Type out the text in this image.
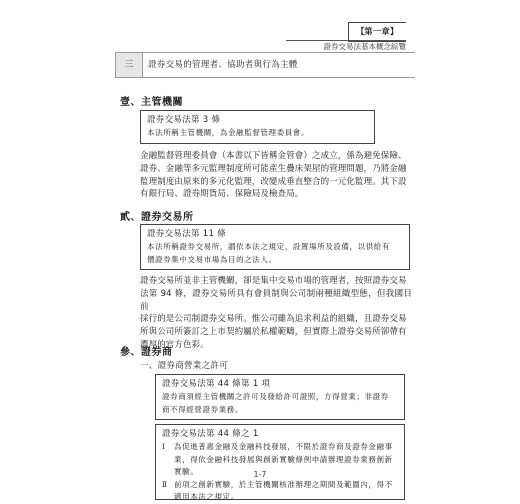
【第一章】
證券交易法基本概念綜覽
三	證券交易的管理者、協助者與行為主體
壹、主管機關
證券交易法第 3 條
本法所稱主管機關，為金融監督管理委員會。
金融監督管理委員會（本書以下皆稱金管會）之成立，係為避免保險、
證券、金融等多元監理制度所可能產生疊床架屋的管理問題，乃將金融
監理制度由原來的多元化監理，改變成垂直整合的一元化監理。其下設
有銀行局、證券期貨局、保險局及檢查局。
貳、證券交易所
證券交易法第 11 條
本法所稱證券交易所，謂依本法之規定，設置場所及設備，以供給有
價證券集中交易市場為目的之法人。
證券交易所並非主管機關，卻是集中交易市場的管理者，按照證券交易
法第 94 條，證券交易所具有會員制與公司制兩種組織型態，但我國目前
採行的是公司制證券交易所。惟公司雖為追求利益的組織，且證券交易
所與公司所簽訂之上市契約屬於私權範疇，但實際上證券交易所卻帶有
濃厚的官方色彩。
參、證券商
一、證券商營業之許可
證券交易法第 44 條第 1 項
證券商須經主管機關之許可及發給許可證照，方得營業；非證券
商不得經營證券業務。
證券交易法第 44 條之 1
Ⅰ	為促進普惠金融及金融科技發展，不限於證券商及證券金融事
業，得依金融科技發展與創新實驗條例申請辦理證券業務創新
實驗。
Ⅱ 前項之創新實驗，於主管機關核准辦理之期間及範圍內，得不
適用本法之規定。
1-7
